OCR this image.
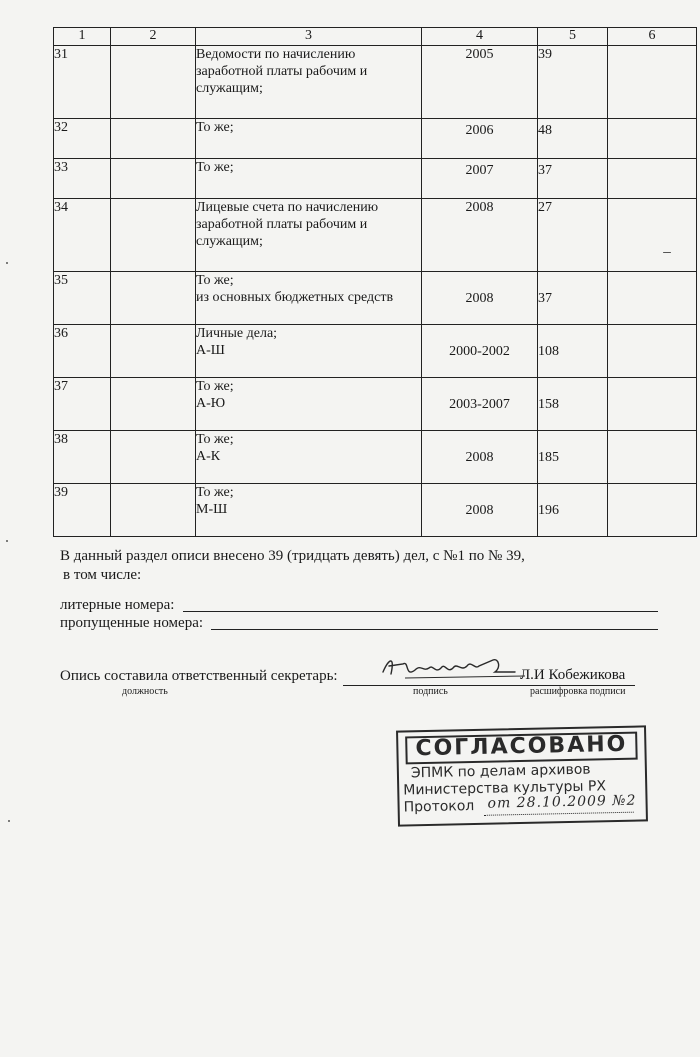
1	2	3	4	5	6
31		Ведомости по начислению
заработной платы рабочим и
служащим;	2005	39	
32		То же;	2006	48	
33		То же;	2007	37	
34		Лицевые счета по начислению
заработной платы рабочим и
служащим;	2008	27	
35		То же;
из основных бюджетных средств	2008	37	
36		Личные дела;
А-Ш	2000-2002	108	
37		То же;
А-Ю	2003-2007	158	
38		То же;
А-К	2008	185	
39		То же;
М-Ш	2008	196	
В данный раздел описи внесено 39 (тридцать девять) дел, с №1 по № 39,
в том числе:
литерные номера:
пропущенные номера:
Опись составила ответственный секретарь:	Л.И Кобежикова
должность	подпись	расшифровка подписи
СОГЛАСОВАНО
ЭПМК по делам архивов
Министерства культуры РХ
Протокол от 28.10.2009 №2
